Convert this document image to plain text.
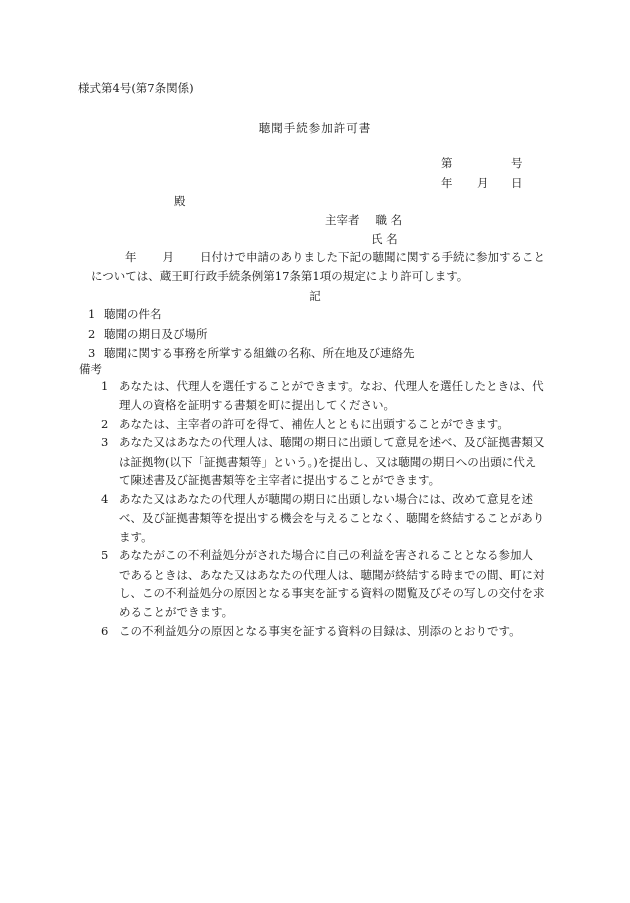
様式第4号(第7条関係)
聴聞手続参加許可書
第	号
年 月 日
殿
主宰者 職 名
氏 名
年 月 日付けで申請のありました下記の聴聞に関する手続に参加すること
については、蔵王町行政手続条例第17条第1項の規定により許可します。
記
1 聴聞の件名
2 聴聞の期日及び場所
3 聴聞に関する事務を所掌する組織の名称、所在地及び連絡先
備考
1 あなたは、代理人を選任することができます。なお、代理人を選任したときは、代
理人の資格を証明する書類を町に提出してください。
2 あなたは、主宰者の許可を得て、補佐人とともに出頭することができます。
3 あなた又はあなたの代理人は、聴聞の期日に出頭して意見を述べ、及び証拠書類又
は証拠物(以下「証拠書類等」という。)を提出し、又は聴聞の期日への出頭に代え
て陳述書及び証拠書類等を主宰者に提出することができます。
4 あなた又はあなたの代理人が聴聞の期日に出頭しない場合には、改めて意見を述
べ、及び証拠書類等を提出する機会を与えることなく、聴聞を終結することがあり
ます。
5 あなたがこの不利益処分がされた場合に自己の利益を害されることとなる参加人
であるときは、あなた又はあなたの代理人は、聴聞が終結する時までの間、町に対
し、この不利益処分の原因となる事実を証する資料の閲覧及びその写しの交付を求
めることができます。
6 この不利益処分の原因となる事実を証する資料の目録は、別添のとおりです。
